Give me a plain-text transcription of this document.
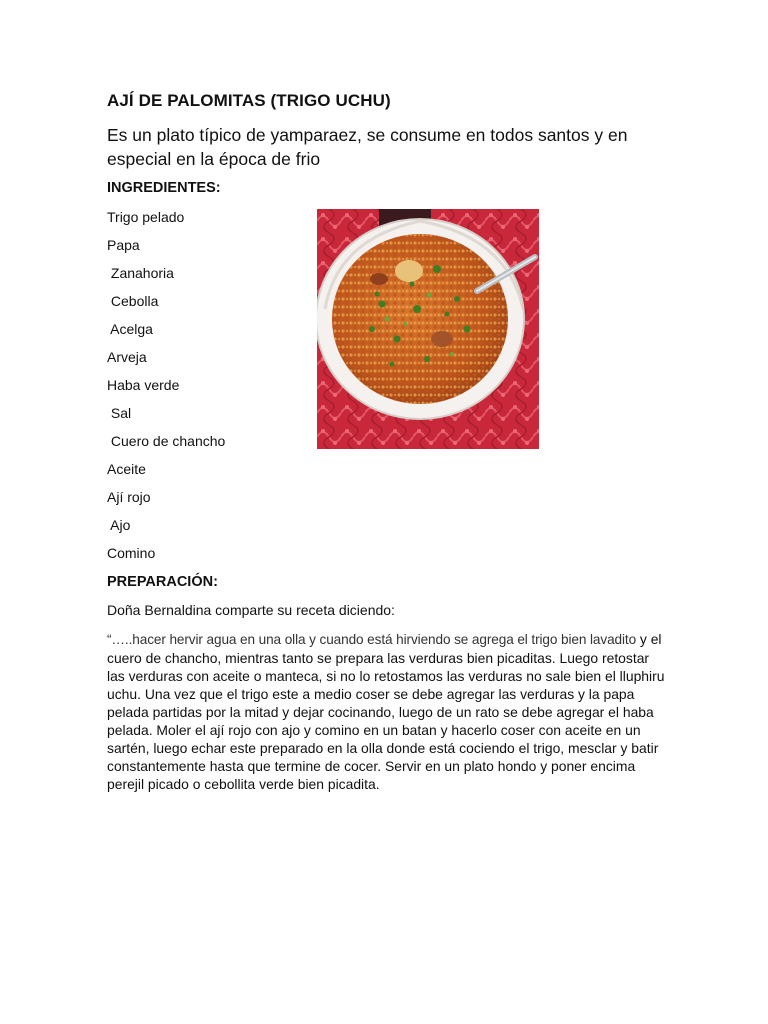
AJÍ DE PALOMITAS (TRIGO UCHU)
Es un plato típico de yamparaez, se consume en todos santos y en especial en la época de frio
INGREDIENTES:
Trigo pelado
Papa
Zanahoria
Cebolla
Acelga
Arveja
Haba verde
Sal
Cuero de chancho
Aceite
Ají rojo
Ajo
Comino
PREPARACIÓN:
Doña Bernaldina comparte su receta diciendo:

“…..hacer hervir agua en una olla y cuando está hirviendo se agrega el trigo bien lavadito y el cuero de chancho, mientras tanto se prepara las verduras bien picaditas. Luego retostar las verduras con aceite o manteca, si no lo retostamos las verduras no sale bien el lluphiru uchu. Una vez que el trigo este a medio coser se debe agregar las verduras y la papa pelada partidas por la mitad y dejar cocinando, luego de un rato se debe agregar el haba pelada. Moler el ají rojo con ajo y comino en un batan y hacerlo coser con aceite en un sartén, luego echar este preparado en la olla donde está cociendo el trigo, mesclar y batir constantemente hasta que termine de cocer. Servir en un plato hondo y poner encima perejil picado o cebollita verde bien picadita.
